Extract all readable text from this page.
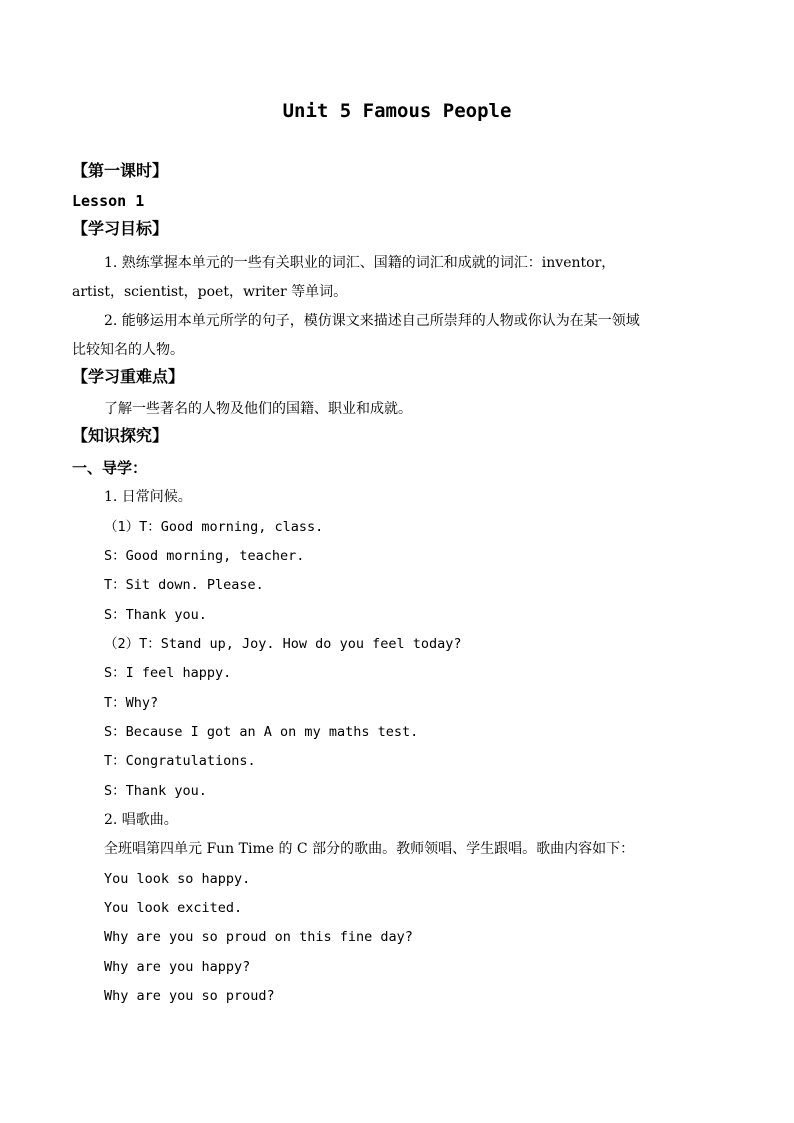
Unit 5 Famous People
【第一课时】
Lesson 1
【学习目标】
1. 熟练掌握本单元的一些有关职业的词汇、国籍的词汇和成就的词汇：inventor，
artist，scientist，poet，writer 等单词。
2. 能够运用本单元所学的句子，模仿课文来描述自己所崇拜的人物或你认为在某一领域
比较知名的人物。
【学习重难点】
了解一些著名的人物及他们的国籍、职业和成就。
【知识探究】
一、导学：
1. 日常问候。
（1）T：Good morning, class.
S：Good morning, teacher.
T：Sit down. Please.
S：Thank you.
（2）T：Stand up, Joy. How do you feel today?
S：I feel happy.
T：Why?
S：Because I got an A on my maths test.
T：Congratulations.
S：Thank you.
2. 唱歌曲。
全班唱第四单元 Fun Time 的 C 部分的歌曲。教师领唱、学生跟唱。歌曲内容如下：
You look so happy.
You look excited.
Why are you so proud on this fine day?
Why are you happy?
Why are you so proud?
